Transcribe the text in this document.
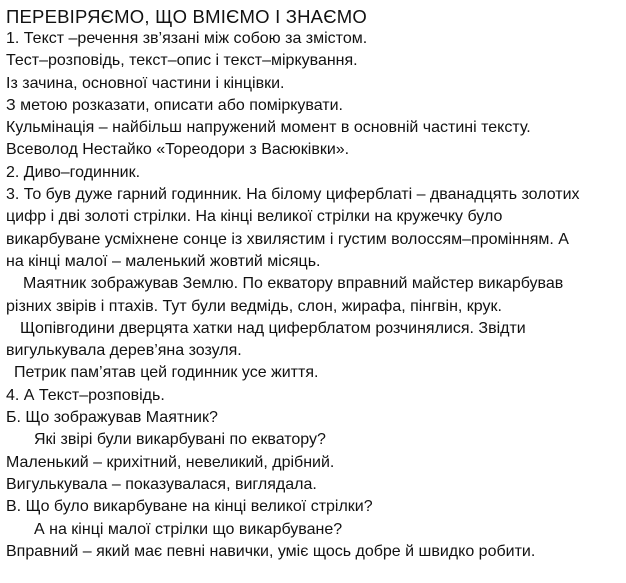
ПЕРЕВІРЯЄМО, ЩО ВМІЄМО І ЗНАЄМО
1. Текст –речення зв’язані між собою за змістом.
Тест–розповідь, текст–опис і текст–міркування.
Із зачина, основної частини і кінцівки.
З метою розказати, описати або поміркувати.
Кульмінація – найбільш напружений момент в основній частині тексту.
Всеволод Нестайко «Тореодори з Васюківки».
2. Диво–годинник.
3. То був дуже гарний годинник. На білому циферблаті – дванадцять золотих
цифр і дві золоті стрілки. На кінці великої стрілки на кружечку було
викарбуване усміхнене сонце із хвилястим і густим волоссям–промінням. А
на кінці малої – маленький жовтий місяць.
Маятник зображував Землю. По екватору вправний майстер викарбував
різних звірів і птахів. Тут були ведмідь, слон, жирафа, пінгвін, крук.
Щопівгодини дверцята хатки над циферблатом розчинялися. Звідти
вигулькувала дерев’яна зозуля.
Петрик пам’ятав цей годинник усе життя.
4. А Текст–розповідь.
Б. Що зображував Маятник?
Які звірі були викарбувані по екватору?
Маленький – крихітний, невеликий, дрібний.
Вигулькувала – показувалася, виглядала.
В. Що було викарбуване на кінці великої стрілки?
А на кінці малої стрілки що викарбуване?
Вправний – який має певні навички, уміє щось добре й швидко робити.
